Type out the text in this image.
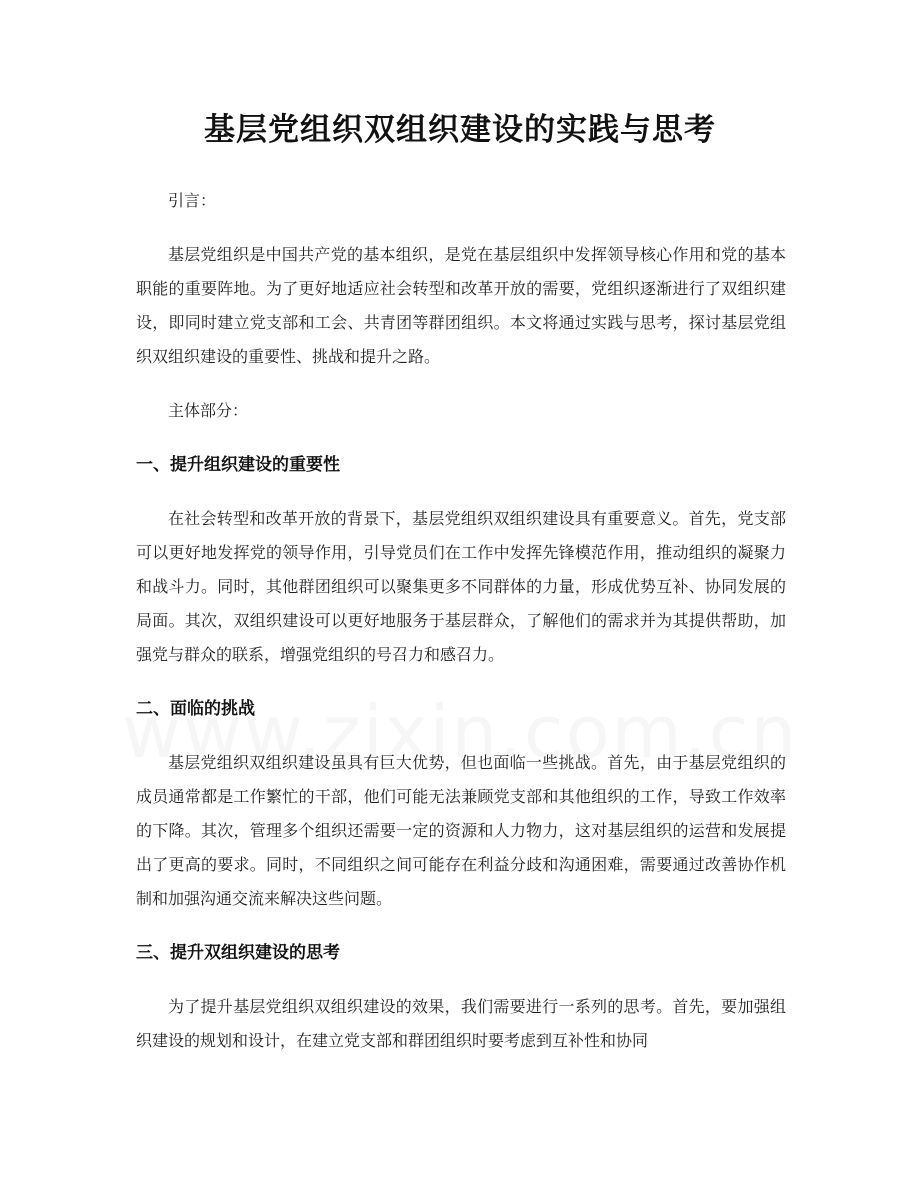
基层党组织双组织建设的实践与思考

引言：

基层党组织是中国共产党的基本组织，是党在基层组织中发挥领导核心作用和党的基本职能的重要阵地。为了更好地适应社会转型和改革开放的需要，党组织逐渐进行了双组织建设，即同时建立党支部和工会、共青团等群团组织。本文将通过实践与思考，探讨基层党组织双组织建设的重要性、挑战和提升之路。

主体部分：

一、提升组织建设的重要性

在社会转型和改革开放的背景下，基层党组织双组织建设具有重要意义。首先，党支部可以更好地发挥党的领导作用，引导党员们在工作中发挥先锋模范作用，推动组织的凝聚力和战斗力。同时，其他群团组织可以聚集更多不同群体的力量，形成优势互补、协同发展的局面。其次，双组织建设可以更好地服务于基层群众，了解他们的需求并为其提供帮助，加强党与群众的联系，增强党组织的号召力和感召力。

二、面临的挑战

基层党组织双组织建设虽具有巨大优势，但也面临一些挑战。首先，由于基层党组织的成员通常都是工作繁忙的干部，他们可能无法兼顾党支部和其他组织的工作，导致工作效率的下降。其次，管理多个组织还需要一定的资源和人力物力，这对基层组织的运营和发展提出了更高的要求。同时，不同组织之间可能存在利益分歧和沟通困难，需要通过改善协作机制和加强沟通交流来解决这些问题。

三、提升双组织建设的思考

为了提升基层党组织双组织建设的效果，我们需要进行一系列的思考。首先，要加强组织建设的规划和设计，在建立党支部和群团组织时要考虑到互补性和协同
